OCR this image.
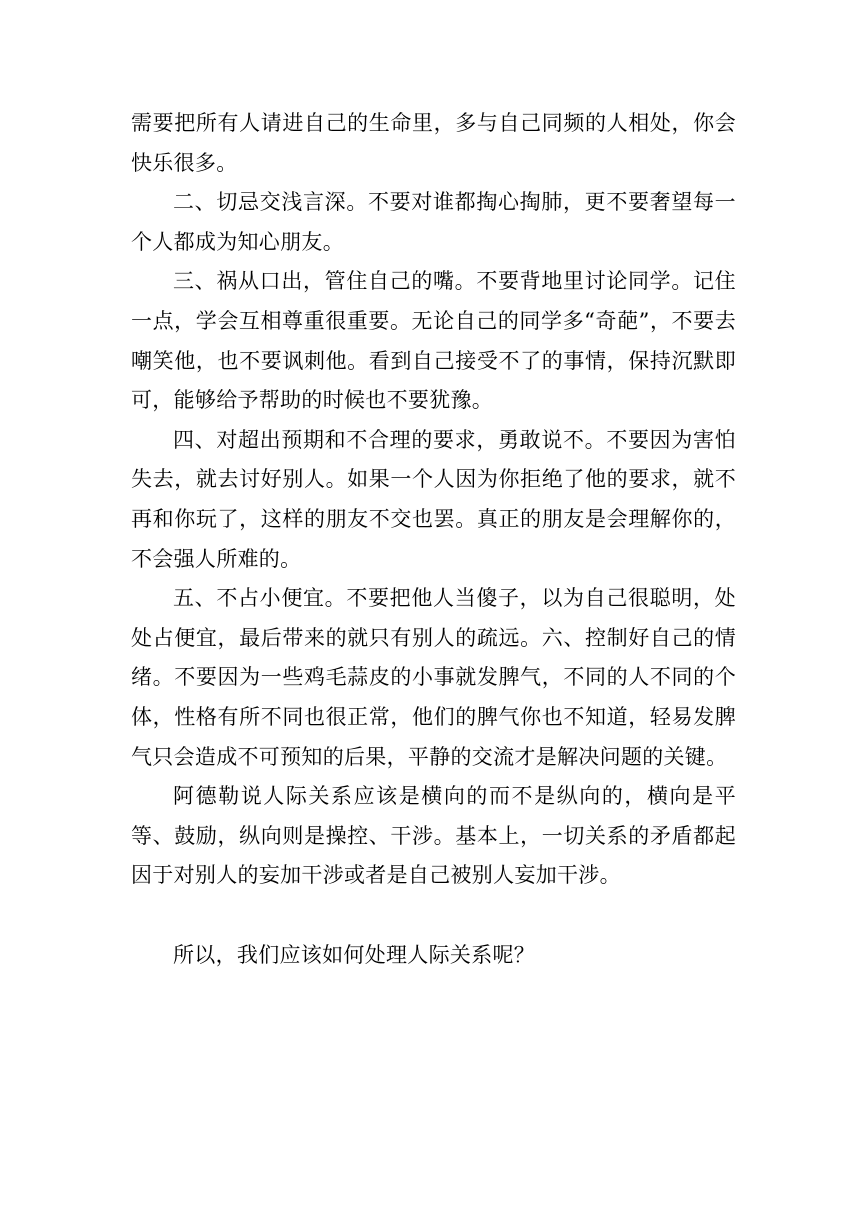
需要把所有人请进自己的生命里，多与自己同频的人相处，你会快乐很多。

二、切忌交浅言深。不要对谁都掏心掏肺，更不要奢望每一个人都成为知心朋友。

三、祸从口出，管住自己的嘴。不要背地里讨论同学。记住一点，学会互相尊重很重要。无论自己的同学多“奇葩”，不要去嘲笑他，也不要讽刺他。看到自己接受不了的事情，保持沉默即可，能够给予帮助的时候也不要犹豫。

四、对超出预期和不合理的要求，勇敢说不。不要因为害怕失去，就去讨好别人。如果一个人因为你拒绝了他的要求，就不再和你玩了，这样的朋友不交也罢。真正的朋友是会理解你的，不会强人所难的。

五、不占小便宜。不要把他人当傻子，以为自己很聪明，处处占便宜，最后带来的就只有别人的疏远。六、控制好自己的情绪。不要因为一些鸡毛蒜皮的小事就发脾气，不同的人不同的个体，性格有所不同也很正常，他们的脾气你也不知道，轻易发脾气只会造成不可预知的后果，平静的交流才是解决问题的关键。

阿德勒说人际关系应该是横向的而不是纵向的，横向是平等、鼓励，纵向则是操控、干涉。基本上，一切关系的矛盾都起因于对别人的妄加干涉或者是自己被别人妄加干涉。

所以，我们应该如何处理人际关系呢？
